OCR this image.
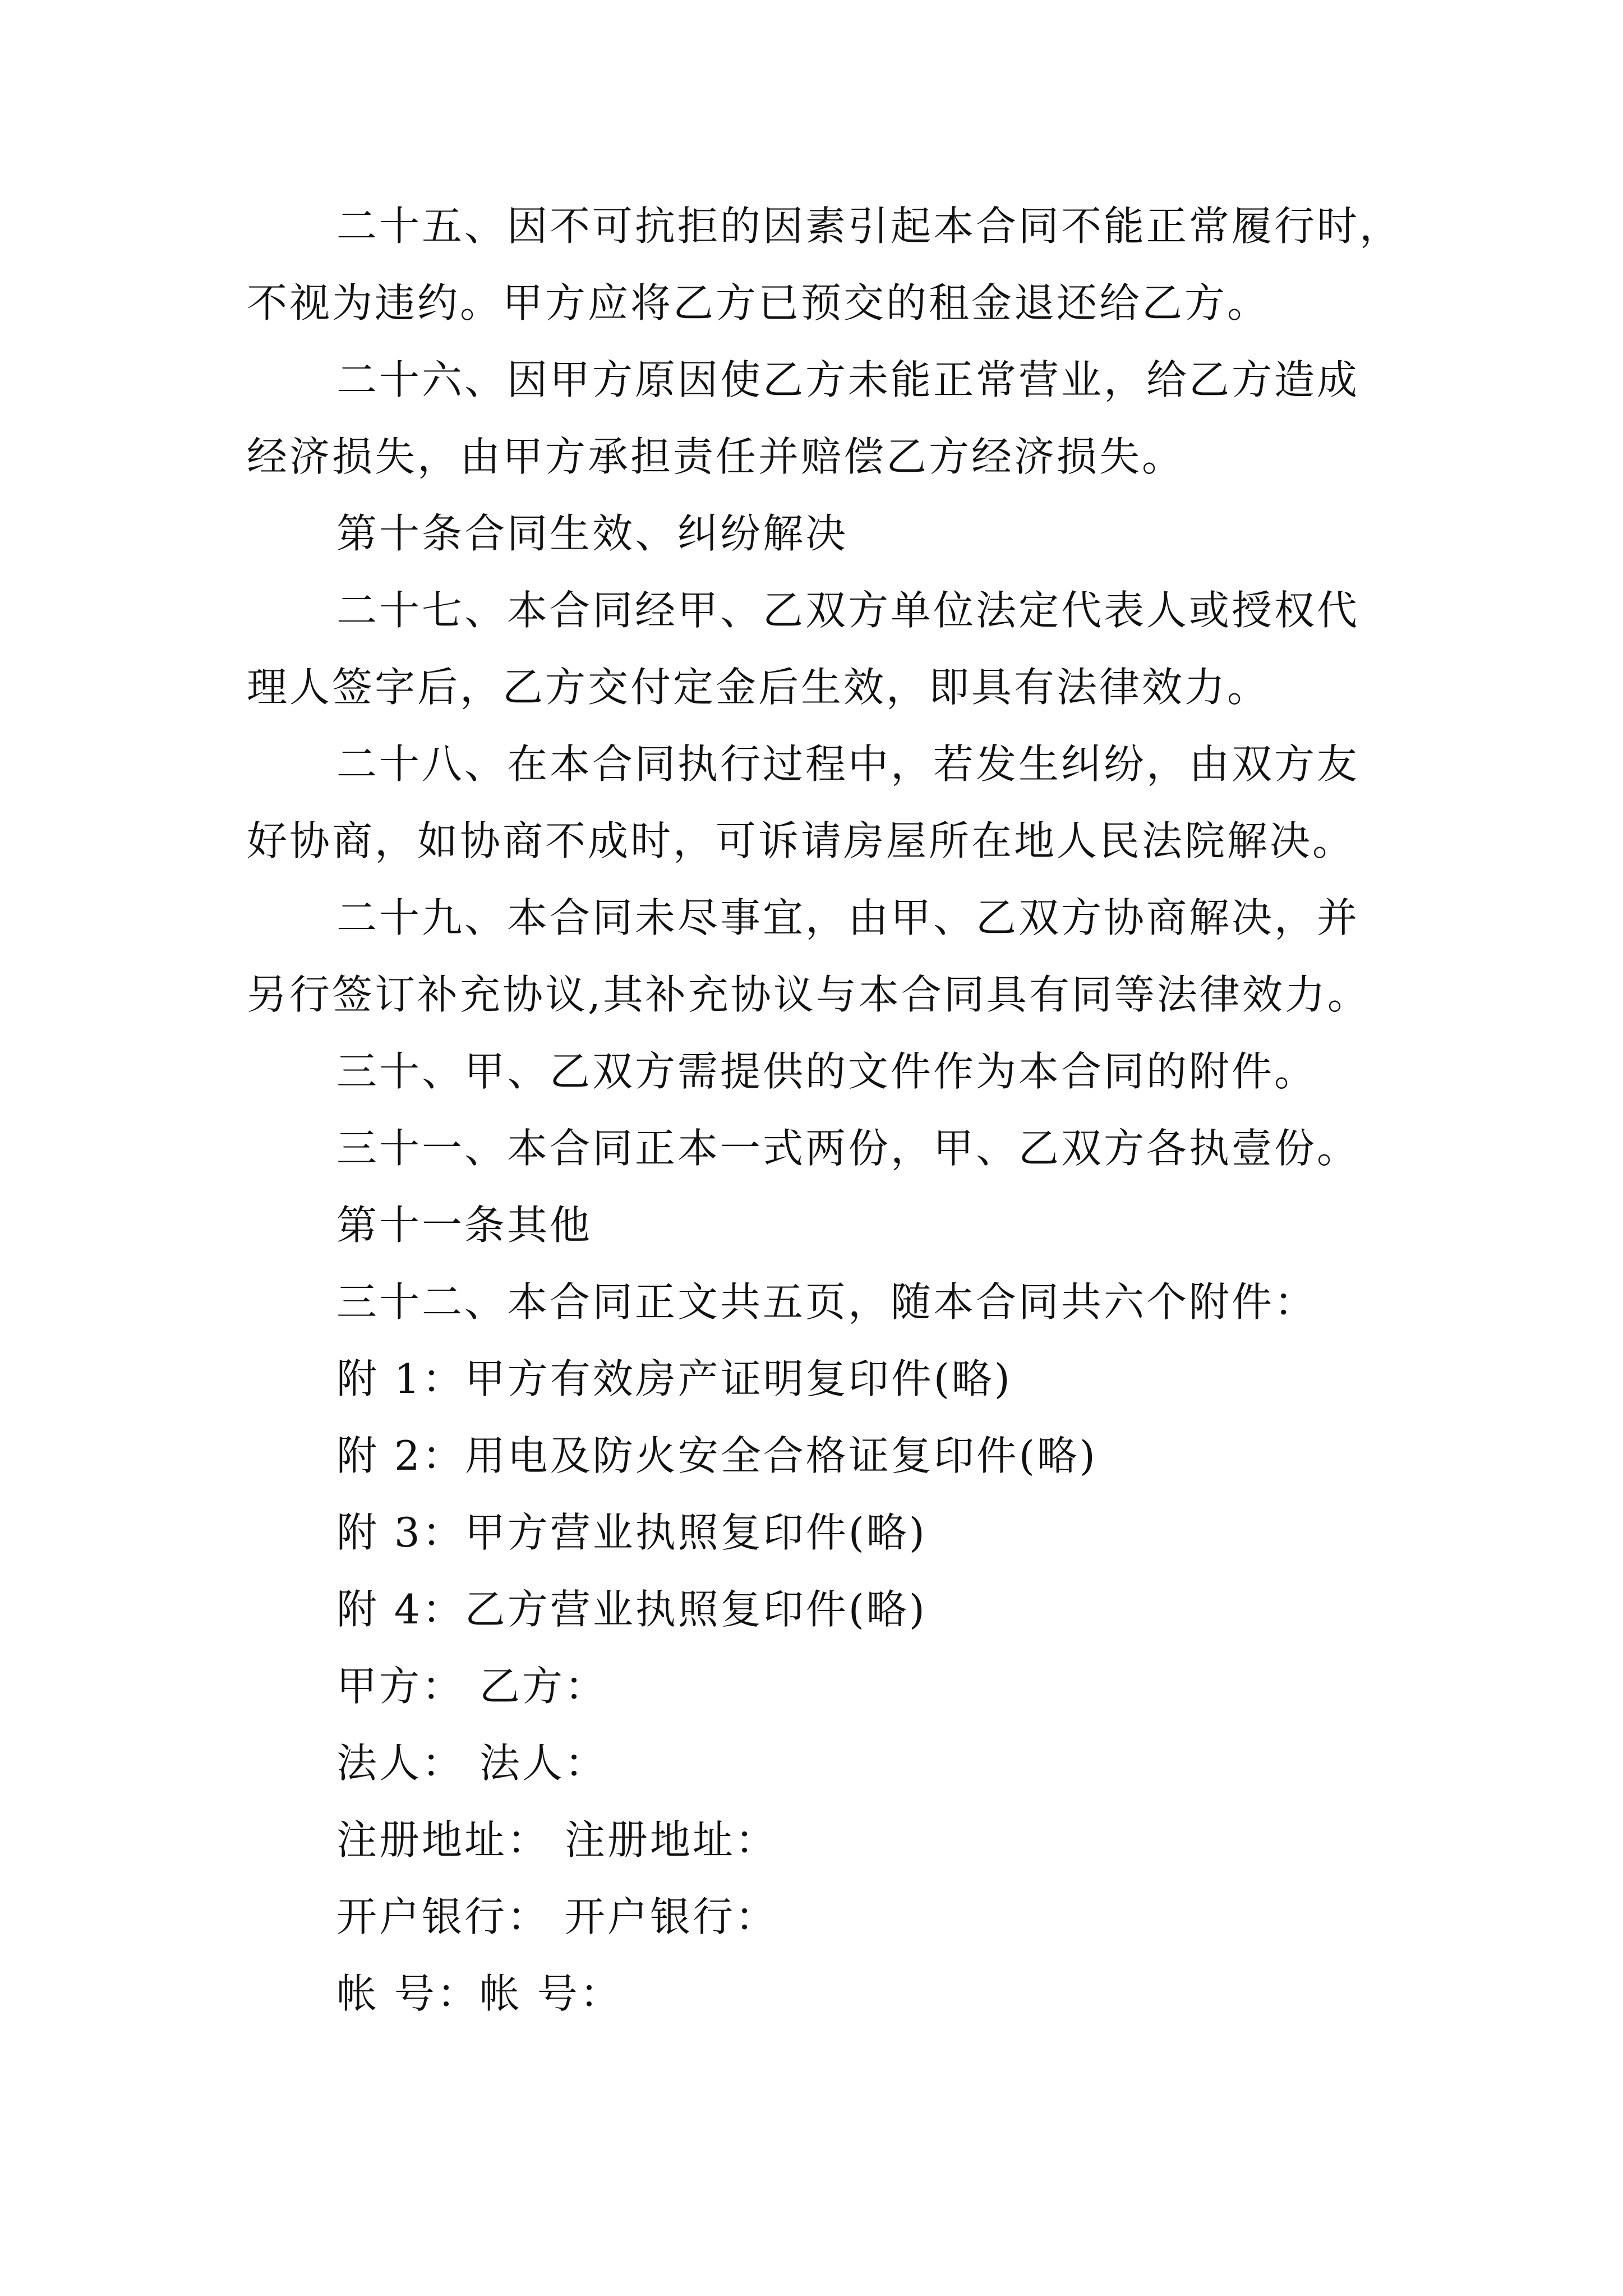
二十五、因不可抗拒的因素引起本合同不能正常履行时，
不视为违约。甲方应将乙方已预交的租金退还给乙方。
二十六、因甲方原因使乙方未能正常营业，给乙方造成
经济损失，由甲方承担责任并赔偿乙方经济损失。
第十条合同生效、纠纷解决
二十七、本合同经甲、乙双方单位法定代表人或授权代
理人签字后，乙方交付定金后生效，即具有法律效力。
二十八、在本合同执行过程中，若发生纠纷，由双方友
好协商，如协商不成时，可诉请房屋所在地人民法院解决。
二十九、本合同未尽事宜，由甲、乙双方协商解决，并
另行签订补充协议,其补充协议与本合同具有同等法律效力。
三十、甲、乙双方需提供的文件作为本合同的附件。
三十一、本合同正本一式两份，甲、乙双方各执壹份。
第十一条其他
三十二、本合同正文共五页，随本合同共六个附件：
附 1：甲方有效房产证明复印件(略)
附 2：用电及防火安全合格证复印件(略)
附 3：甲方营业执照复印件(略)
附 4：乙方营业执照复印件(略)
甲方： 乙方：
法人： 法人：
注册地址： 注册地址：
开户银行： 开户银行：
帐 号：帐 号：
